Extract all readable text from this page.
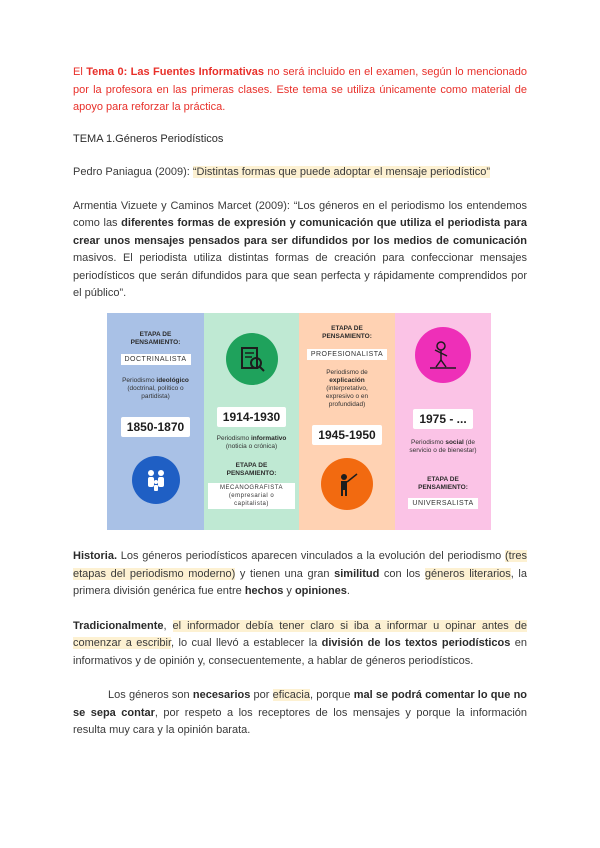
El Tema 0: Las Fuentes Informativas no será incluido en el examen, según lo mencionado por la profesora en las primeras clases. Este tema se utiliza únicamente como material de apoyo para reforzar la práctica.

TEMA 1.Géneros Periodísticos

Pedro Paniagua (2009): “Distintas formas que puede adoptar el mensaje periodístico”

Armentia Vizuete y Caminos Marcet (2009): “Los géneros en el periodismo los entendemos como las diferentes formas de expresión y comunicación que utiliza el periodista para crear unos mensajes pensados para ser difundidos por los medios de comunicación masivos. El periodista utiliza distintas formas de creación para confeccionar mensajes periodísticos que serán difundidos para que sean perfecta y rápidamente comprendidos por el público”.

ETAPA DE PENSAMIENTO:
DOCTRINALISTA
Periodismo ideológico (doctrinal, político o partidista)
1850-1870
1914-1930
Periodismo informativo (noticia o crónica)
ETAPA DE PENSAMIENTO:
MECANOGRAFISTA (empresarial o capitalista)
ETAPA DE PENSAMIENTO:
PROFESIONALISTA
Periodismo de explicación (interpretativo, expresivo o en profundidad)
1945-1950
1975 - ...
Periodismo social (de servicio o de bienestar)
ETAPA DE PENSAMIENTO:
UNIVERSALISTA

Historia. Los géneros periodísticos aparecen vinculados a la evolución del periodismo (tres etapas del periodismo moderno) y tienen una gran similitud con los géneros literarios, la primera división genérica fue entre hechos y opiniones.

Tradicionalmente, el informador debía tener claro si iba a informar u opinar antes de comenzar a escribir, lo cual llevó a establecer la división de los textos periodísticos en informativos y de opinión y, consecuentemente, a hablar de géneros periodísticos.

Los géneros son necesarios por eficacia, porque mal se podrá comentar lo que no se sepa contar, por respeto a los receptores de los mensajes y porque la información resulta muy cara y la opinión barata.
